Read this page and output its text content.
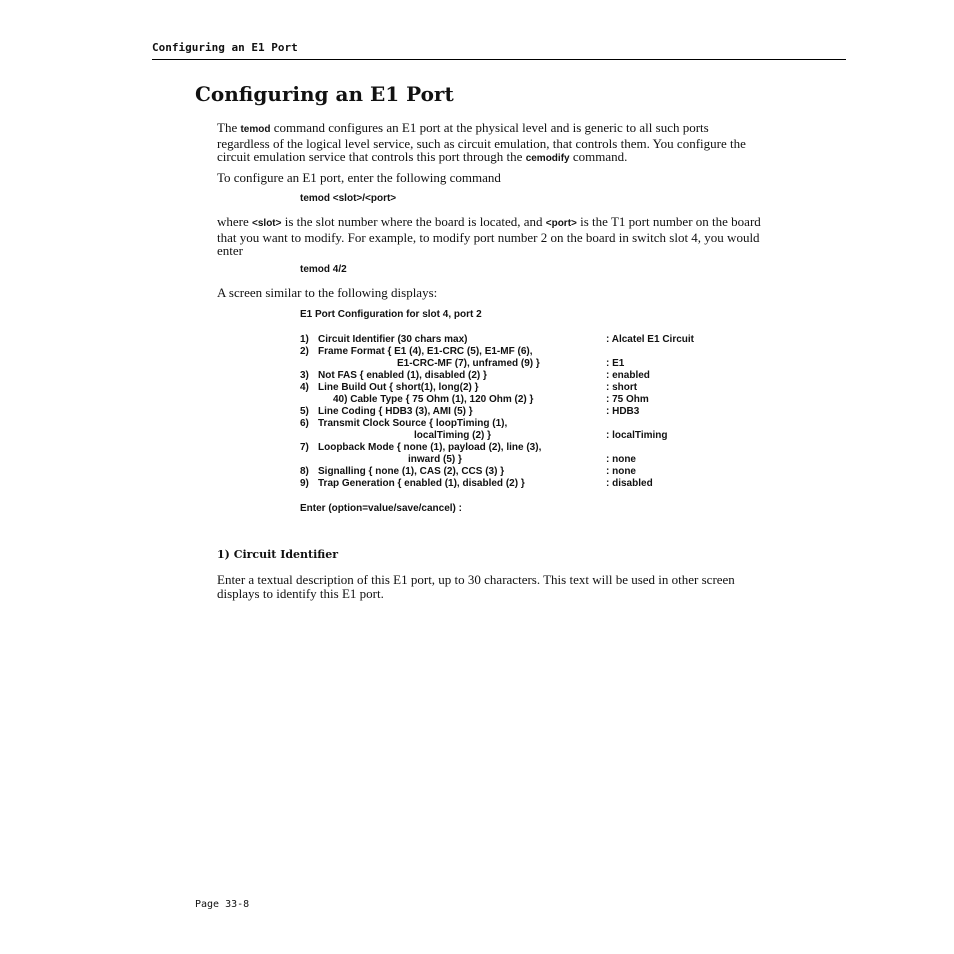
Configuring an E1 Port
Configuring an E1 Port

The temod command configures an E1 port at the physical level and is generic to all such ports regardless of the logical level service, such as circuit emulation, that controls them. You configure the circuit emulation service that controls this port through the cemodify command.

To configure an E1 port, enter the following command

temod <slot>/<port>

where <slot> is the slot number where the board is located, and <port> is the T1 port number on the board that you want to modify. For example, to modify port number 2 on the board in switch slot 4, you would enter

temod 4/2

A screen similar to the following displays:

E1 Port Configuration for slot 4, port 2
1) Circuit Identifier (30 chars max)	: Alcatel E1 Circuit
2) Frame Format { E1 (4), E1-CRC (5), E1-MF (6),
E1-CRC-MF (7), unframed (9) }	: E1
3) Not FAS { enabled (1), disabled (2) }	: enabled
4) Line Build Out { short(1), long(2) }	: short
40) Cable Type { 75 Ohm (1), 120 Ohm (2) }	: 75 Ohm
5) Line Coding { HDB3 (3), AMI (5) }	: HDB3
6) Transmit Clock Source { loopTiming (1),
localTiming (2) }	: localTiming
7) Loopback Mode { none (1), payload (2), line (3),
inward (5) }	: none
8) Signalling { none (1), CAS (2), CCS (3) }	: none
9) Trap Generation { enabled (1), disabled (2) }	: disabled
Enter (option=value/save/cancel) :
1) Circuit Identifier

Enter a textual description of this E1 port, up to 30 characters. This text will be used in other screen displays to identify this E1 port.

Page 33-8
